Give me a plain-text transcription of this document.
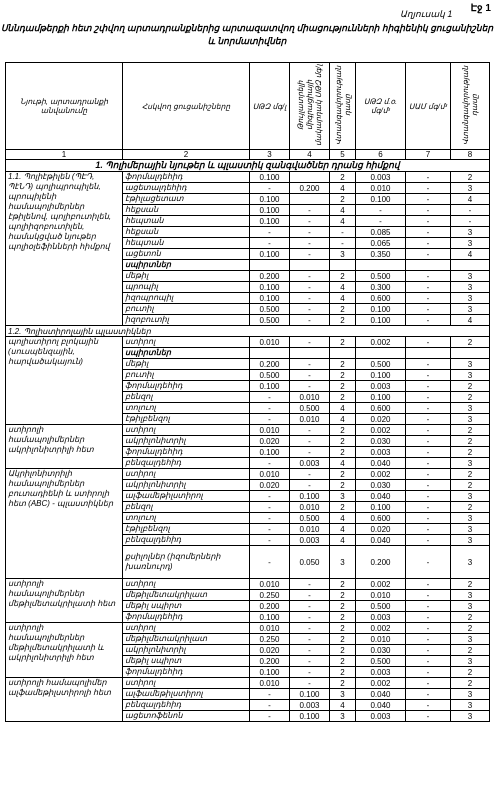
Էջ 1
Աղյուսակ 1
Սննդամթերքի հետ շփվող արտադրանքներից արտազատվող միացությունների հիգիենիկ ցուցանիշներ և նորմատիվներ
Նյութի, արտադրանքի անվանումը	Հսկվող ցուցանիշները	ՍԹԶ մգ/լ	Թույլատրելի միգրացիայի մակարդակ ՍԹԶ մգ/լ	Վտանգավորության դասը	ՍԹԶ մ.օ. մգ/մ³	ՍԱՄ մգ/մ³	Վտանգավորության դասը
1	2	3	4	5	6	7	8
1. Պոլիմերային նյութեր և պլաստիկ զանգվածներ դրանց հիմքով							
1.1. Պոլիէթիլեն (ՊԷԴ, ՊէՆԴ) պոլիպրոպիլեն, պրոպիլենի համապոլիմերներ էթիլենով, պոլիբուտիլեն, պոլիիզոբուտիլեն, համակցված նյութեր պոլիօլեֆինների հիմքով	ֆորմալդեհիդ	0.100		2	0.003	-	2
	ացետալդեհիդ	-	0.200	4	0.010	-	3
	էթիլացետատ	0.100		2	0.100	-	4
	հեքսան	0.100	-	4	-	-	-
	հեպտան	0.100	-	4	-	-	-
	հեքսան	-	-	-	0.085	-	3
	հեպտան	-	-	-	0.065	-	3
	ացետոն	0.100	-	3	0.350	-	4
	սպիրտներ						
	մեթիլ	0.200	-	2	0.500	-	3
	պրոպիլ	0.100	-	4	0.300	-	3
	իզոպրոպիլ	0.100	-	4	0.600	-	3
	բուտիլ	0.500	-	2	0.100	-	3
	իզոբուտիլ	0.500	-	2	0.100	-	4
1.2. Պոլիստիրոլային պլաստիկներ							
պոլիստիրոլ բլոկային (սուսպենզային, հարվածակայուն)	ստիրոլ	0.010	-	2	0.002	-	2
	սպիրտներ						
	մեթիլ	0.200	-	2	0.500	-	3
	բուտիլ	0.500	-	2	0.100	-	3
	ֆորմալդեհիդ	0.100	-	2	0.003	-	2
	բենզոլ	-	0.010	2	0.100	-	2
	տոլուոլ	-	0.500	4	0.600	-	3
	էթիլբենզոլ	-	0.010	4	0.020	-	3
ստիրոլի համապոլիմերներ ակրիլոնիտրիլի հետ	ստիրոլ	0.010	-	2	0.002	-	2
	ակրիլոնիտրիլ	0.020	-	2	0.030	-	2
	ֆորմալդեհիդ	0.100	-	2	0.003	-	2
	բենզալդեհիդ	-	0.003	4	0.040	-	3
Ակրիլոնիտրիլի համապոլիմերներ բուտադիենի և ստիրոլի հետ (ABC) - պլաստիկներ	ստիրոլ	0.010	-	2	0.002	-	2
	ակրիլոնիտրիլ	0.020	-	2	0.030	-	2
	ալֆամեթիլստիրոլ	-	0.100	3	0.040	-	3
	բենզոլ	-	0.010	2	0.100	-	2
	տոլուոլ	-	0.500	4	0.600	-	3
	էթիլբենզոլ	-	0.010	4	0.020	-	3
	բենզալդեհիդ	-	0.003	4	0.040	-	3
	քսիլոլներ (իզոմերների խառնուրդ)	-	0.050	3	0.200	-	3
ստիրոլի համապոլիմերներ մեթիլմետակրիլատի հետ	ստիրոլ	0.010	-	2	0.002	-	2
	մեթիլմետակրիլատ	0.250	-	2	0.010	-	3
	մեթիլ սպիրտ	0.200	-	2	0.500	-	3
	ֆորմալդեհիդ	0.100	-	2	0.003	-	2
ստիրոլի համապոլիմերներ մեթիլմետակրիլատի և ակրիլոնիտրիլի հետ	ստիրոլ	0.010	-	2	0.002	-	2
	մեթիլմետակրիլատ	0.250	-	2	0.010	-	3
	ակրիլոնիտրիլ	0.020	-	2	0.030	-	2
	մեթիլ սպիրտ	0.200	-	2	0.500	-	3
	ֆորմալդեհիդ	0.100	-	2	0.003	-	2
ստիրոլի համապոլիմեր ալֆամեթիլստիրոլի հետ	ստիրոլ	0.010	-	2	0.002	-	2
	ալֆամեթիլստիրոլ	-	0.100	3	0.040	-	3
	բենզալդեհիդ	-	0.003	4	0.040	-	3
	ացետոֆենոն	-	0.100	3	0.003	-	3
